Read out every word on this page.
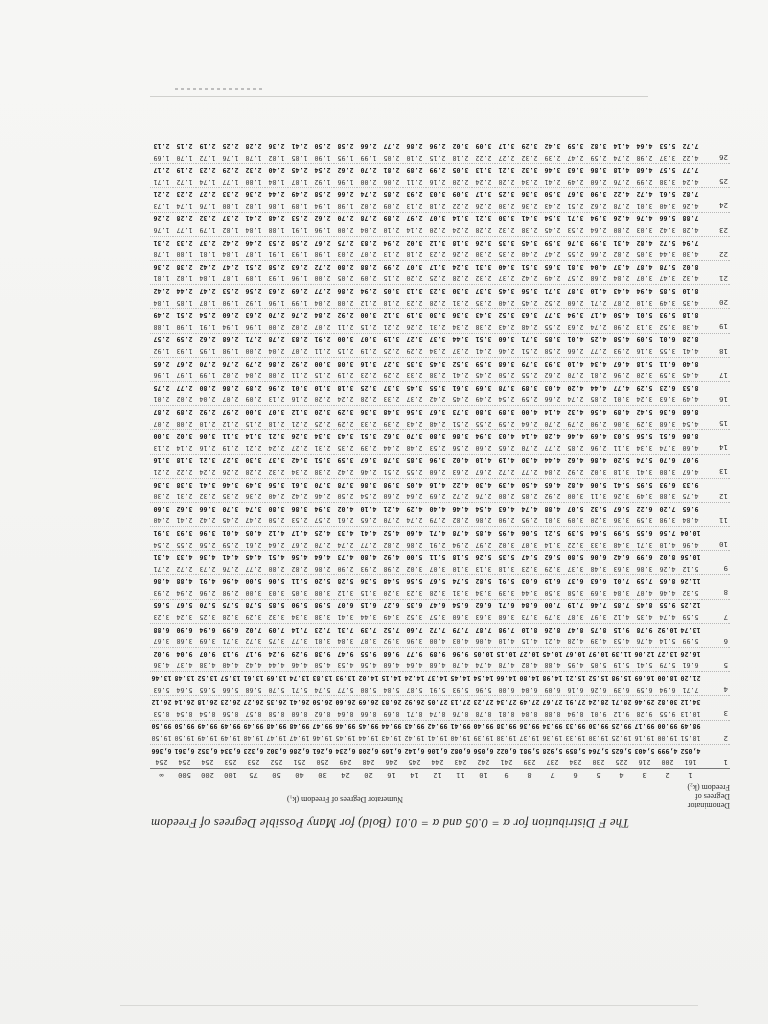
The F Distribution for α = 0.05 and α = 0.01 (Bold) for Many Possible Degrees of Freedom
Numerator Degrees of Freedom (k₁)
Denominator
Degrees of
Freedom (k₂)
	1	2	3	4	5	6	7	8	9	10	11	12	14	16	20	24	30	40	50	75	100	200	500	∞
1	161	200	216	225	230	234	237	239	241	242	243	244	245	246	248	249	250	251	252	253	253	254	254	254
	4,052	4,999	5,403	5,625	5,764	5,859	5,928	5,981	6,022	6,056	6,082	6,106	6,142	6,169	6,208	6,234	6,261	6,286	6,302	6,323	6,334	6,352	6,361	6,366
2	18.51	19.00	19.16	19.25	19.30	19.33	19.36	19.37	19.38	19.39	19.40	19.41	19.42	19.43	19.44	19.45	19.46	19.47	19.47	19.48	19.49	19.49	19.50	19.50
	98.49	99.00	99.17	99.25	99.30	99.33	99.34	99.36	99.38	99.40	99.41	99.42	99.43	99.44	99.45	99.46	99.47	99.48	99.48	99.49	99.49	99.49	99.50	99.50
3	10.13	9.55	9.28	9.12	9.01	8.94	8.88	8.84	8.81	8.78	8.76	8.74	8.71	8.69	8.66	8.64	8.62	8.60	8.58	8.57	8.56	8.54	8.54	8.53
	34.12	30.82	29.46	28.71	28.24	27.91	27.67	27.49	27.34	27.23	27.13	27.05	26.92	26.83	26.69	26.60	26.50	26.41	26.35	26.27	26.23	26.18	26.14	26.12
4	7.71	6.94	6.59	6.39	6.26	6.16	6.09	6.04	6.00	5.96	5.93	5.91	5.87	5.84	5.80	5.77	5.74	5.71	5.70	5.68	5.66	5.65	5.64	5.63
	21.20	18.00	16.69	15.98	15.52	15.21	14.98	14.80	14.66	14.54	14.45	14.37	14.24	14.15	14.02	13.93	13.83	13.74	13.69	13.61	13.57	13.52	13.48	13.46
5	6.61	5.79	5.41	5.19	5.05	4.95	4.88	4.82	4.78	4.74	4.70	4.68	4.64	4.60	4.56	4.53	4.50	4.46	4.44	4.42	4.40	4.38	4.37	4.36
	16.26	13.27	12.06	11.39	10.97	10.67	10.45	10.27	10.15	10.05	9.96	9.89	9.77	9.68	9.55	9.47	9.38	9.29	9.24	9.17	9.13	9.07	9.04	9.02
6	5.99	5.14	4.76	4.53	4.39	4.28	4.21	4.15	4.10	4.06	4.03	4.00	3.96	3.92	3.87	3.84	3.81	3.77	3.75	3.72	3.71	3.69	3.68	3.67
	13.74	10.92	9.78	9.15	8.75	8.47	8.26	8.10	7.98	7.87	7.79	7.72	7.60	7.52	7.39	7.31	7.23	7.14	7.09	7.02	6.99	6.94	6.90	6.88
7	5.59	4.74	4.35	4.12	3.97	3.87	3.79	3.73	3.68	3.63	3.60	3.57	3.52	3.49	3.44	3.41	3.38	3.34	3.32	3.29	3.28	3.25	3.24	3.23
	12.25	9.55	8.45	7.85	7.46	7.19	7.00	6.84	6.71	6.62	6.54	6.47	6.35	6.27	6.15	6.07	5.98	5.90	5.85	5.78	5.75	5.70	5.67	5.65
8	5.32	4.46	4.07	3.84	3.69	3.58	3.50	3.44	3.39	3.34	3.31	3.28	3.23	3.20	3.15	3.12	3.08	3.05	3.03	3.00	2.98	2.96	2.94	2.93
	11.26	8.65	7.59	7.01	6.63	6.37	6.19	6.03	5.91	5.82	5.74	5.67	5.56	5.48	5.36	5.28	5.20	5.11	5.06	5.00	4.96	4.91	4.88	4.86
9	5.12	4.26	3.86	3.63	3.48	3.37	3.29	3.23	3.18	3.13	3.10	3.07	3.02	2.98	2.93	2.90	2.86	2.82	2.80	2.77	2.76	2.73	2.72	2.71
	10.56	8.02	6.99	6.42	6.06	5.80	5.62	5.47	5.35	5.26	5.18	5.11	5.00	4.92	4.80	4.73	4.64	4.56	4.51	4.45	4.41	4.36	4.33	4.31
10	4.96	4.10	3.71	3.48	3.33	3.22	3.14	3.07	3.02	2.97	2.94	2.91	2.86	2.82	2.77	2.74	2.70	2.67	2.64	2.61	2.59	2.56	2.55	2.54
	10.04	7.56	6.55	5.99	5.64	5.39	5.21	5.06	4.95	4.85	4.78	4.71	4.60	4.52	4.41	4.33	4.25	4.17	4.12	4.05	4.01	3.96	3.93	3.91
11	4.84	3.98	3.59	3.36	3.20	3.09	3.01	2.95	2.90	2.86	2.82	2.79	2.74	2.70	2.65	2.61	2.57	2.53	2.50	2.47	2.45	2.42	2.41	2.40
	9.65	7.20	6.22	5.67	5.32	5.07	4.88	4.74	4.63	4.54	4.46	4.40	4.29	4.21	4.10	4.02	3.94	3.86	3.80	3.74	3.70	3.66	3.62	3.60
12	4.75	3.88	3.49	3.26	3.11	3.00	2.92	2.85	2.80	2.76	2.72	2.69	2.64	2.60	2.54	2.50	2.46	2.42	2.40	2.36	2.35	2.32	2.31	2.30
	9.33	6.93	5.95	5.41	5.06	4.82	4.65	4.50	4.39	4.30	4.22	4.16	4.05	3.98	3.86	3.78	3.70	3.61	3.56	3.49	3.46	3.41	3.38	3.36
13	4.67	3.80	3.41	3.18	3.02	2.92	2.84	2.77	2.72	2.67	2.63	2.60	2.55	2.51	2.46	2.42	2.38	2.34	2.32	2.28	2.26	2.24	2.22	2.21
	9.07	6.70	5.74	5.20	4.86	4.62	4.44	4.30	4.19	4.10	4.02	3.96	3.85	3.78	3.67	3.59	3.51	3.42	3.37	3.30	3.27	3.21	3.18	3.16
14	4.60	3.74	3.34	3.11	2.96	2.85	2.77	2.70	2.65	2.60	2.56	2.53	2.48	2.44	2.39	2.35	2.31	2.27	2.24	2.21	2.19	2.16	2.14	2.13
	8.86	6.51	5.56	5.03	4.69	4.46	4.28	4.14	4.03	3.94	3.86	3.80	3.70	3.62	3.51	3.43	3.34	3.26	3.21	3.14	3.11	3.06	3.02	3.00
15	4.54	3.68	3.29	3.06	2.90	2.79	2.70	2.64	2.59	2.55	2.51	2.48	2.43	2.39	2.33	2.29	2.25	2.21	2.18	2.15	2.12	2.10	2.08	2.07
	8.68	6.36	5.42	4.89	4.56	4.32	4.14	4.00	3.89	3.80	3.73	3.67	3.56	3.48	3.36	3.29	3.20	3.12	3.07	3.00	2.97	2.92	2.89	2.87
16	4.49	3.63	3.24	3.01	2.85	2.74	2.66	2.59	2.54	2.49	2.45	2.42	2.37	2.33	2.28	2.24	2.20	2.16	2.13	2.09	2.07	2.04	2.02	2.01
	8.53	6.23	5.29	4.77	4.44	4.20	4.03	3.89	3.78	3.69	3.61	3.55	3.45	3.37	3.25	3.18	3.10	3.01	2.96	2.89	2.86	2.80	2.77	2.75
17	4.45	3.59	3.20	2.96	2.81	2.70	2.62	2.55	2.50	2.45	2.41	2.38	2.33	2.29	2.23	2.19	2.15	2.11	2.08	2.04	2.02	1.99	1.97	1.96
	8.40	6.11	5.18	4.67	4.34	4.10	3.93	3.79	3.68	3.59	3.52	3.45	3.35	3.27	3.16	3.08	3.00	2.92	2.86	2.79	2.76	2.70	2.67	2.65
18	4.41	3.55	3.16	2.93	2.77	2.66	2.58	2.51	2.46	2.41	2.37	2.34	2.29	2.25	2.19	2.15	2.11	2.07	2.04	2.00	1.98	1.95	1.93	1.92
	8.28	6.01	5.09	4.58	4.25	4.01	3.85	3.71	3.60	3.51	3.44	3.37	3.27	3.19	3.07	3.00	2.91	2.83	2.78	2.71	2.68	2.62	2.59	2.57
19	4.38	3.52	3.13	2.90	2.74	2.63	2.55	2.48	2.43	2.38	2.34	2.31	2.26	2.21	2.15	2.11	2.07	2.02	2.00	1.96	1.94	1.91	1.90	1.88
	8.18	5.93	5.01	4.50	4.17	3.94	3.77	3.63	3.52	3.43	3.36	3.30	3.19	3.12	3.00	2.92	2.84	2.76	2.70	2.63	2.60	2.54	2.51	2.49
20	4.35	3.49	3.10	2.87	2.71	2.60	2.52	2.45	2.40	2.35	2.31	2.28	2.23	2.18	2.12	2.08	2.04	1.99	1.96	1.92	1.90	1.87	1.85	1.84
	8.10	5.85	4.94	4.43	4.10	3.87	3.71	3.56	3.45	3.37	3.30	3.23	3.13	3.05	2.94	2.86	2.77	2.69	2.63	2.56	2.53	2.47	2.44	2.42
21	4.32	3.47	3.07	2.84	2.68	2.57	2.49	2.42	2.37	2.32	2.28	2.25	2.20	2.15	2.09	2.05	2.00	1.96	1.93	1.89	1.87	1.84	1.82	1.81
	8.02	5.78	4.87	4.37	4.04	3.81	3.65	3.51	3.40	3.31	3.24	3.17	3.07	2.99	2.88	2.80	2.72	2.63	2.58	2.51	2.47	2.42	2.38	2.36
22	4.30	3.44	3.05	2.82	2.66	2.55	2.47	2.40	2.35	2.30	2.26	2.23	2.18	2.13	2.07	2.03	1.98	1.93	1.91	1.87	1.84	1.81	1.80	1.78
	7.94	5.72	4.82	4.31	3.99	3.76	3.59	3.45	3.35	3.26	3.18	3.12	3.02	2.94	2.83	2.75	2.67	2.58	2.53	2.46	2.42	2.37	2.33	2.31
23	4.28	3.42	3.03	2.80	2.64	2.53	2.45	2.38	2.32	2.28	2.24	2.20	2.14	2.10	2.04	2.00	1.96	1.91	1.88	1.84	1.82	1.79	1.77	1.76
	7.88	5.66	4.76	4.26	3.94	3.71	3.54	3.41	3.30	3.21	3.14	3.07	2.97	2.89	2.78	2.70	2.62	2.53	2.48	2.41	2.37	2.32	2.28	2.26
24	4.26	3.40	3.01	2.78	2.62	2.51	2.43	2.36	2.30	2.26	2.22	2.18	2.13	2.09	2.02	1.98	1.94	1.89	1.86	1.82	1.80	1.76	1.74	1.73
	7.82	5.61	4.72	4.22	3.90	3.67	3.50	3.36	3.25	3.17	3.09	3.03	2.93	2.85	2.74	2.66	2.58	2.49	2.44	2.36	2.33	2.27	2.23	2.21
25	4.24	3.38	2.99	2.76	2.60	2.49	2.41	2.34	2.28	2.24	2.20	2.16	2.11	2.06	2.00	1.96	1.92	1.87	1.84	1.80	1.77	1.74	1.72	1.71
	7.77	5.57	4.68	4.18	3.86	3.63	3.46	3.32	3.21	3.13	3.05	2.99	2.89	2.81	2.70	2.62	2.54	2.45	2.40	2.32	2.29	2.23	2.19	2.17
26	4.22	3.37	2.98	2.74	2.59	2.47	2.39	2.32	2.27	2.22	2.18	2.15	2.10	2.05	1.99	1.95	1.90	1.85	1.82	1.78	1.76	1.72	1.70	1.69
	7.72	5.53	4.64	4.14	3.82	3.59	3.42	3.29	3.17	3.09	3.02	2.96	2.86	2.77	2.66	2.58	2.50	2.41	2.36	2.28	2.25	2.19	2.15	2.13
